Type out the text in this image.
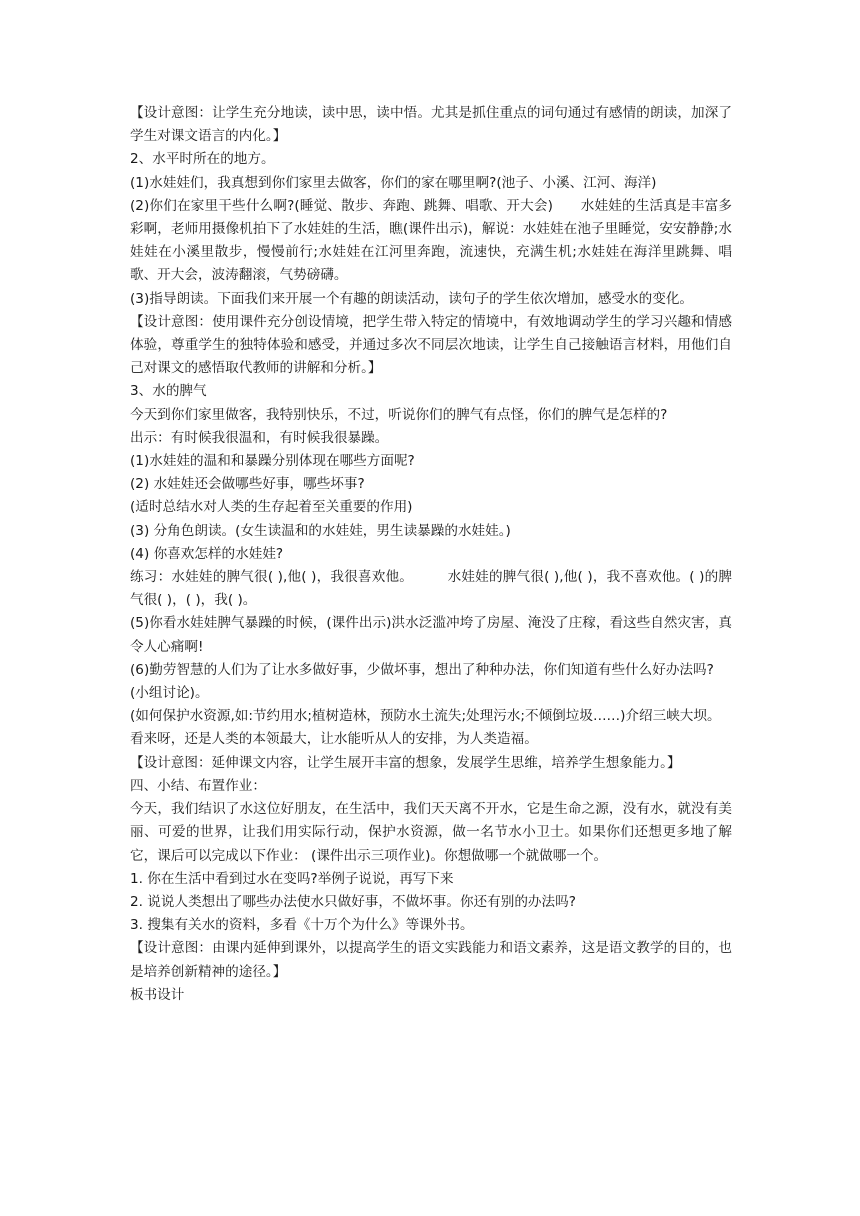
【设计意图：让学生充分地读，读中思，读中悟。尤其是抓住重点的词句通过有感情的朗读，加深了学生对课文语言的内化。】

2、水平时所在的地方。

(1)水娃娃们，我真想到你们家里去做客，你们的家在哪里啊?(池子、小溪、江河、海洋)

(2)你们在家里干些什么啊?(睡觉、散步、奔跑、跳舞、唱歌、开大会)　　水娃娃的生活真是丰富多彩啊，老师用摄像机拍下了水娃娃的生活，瞧(课件出示)，解说：水娃娃在池子里睡觉，安安静静;水娃娃在小溪里散步，慢慢前行;水娃娃在江河里奔跑，流速快，充满生机;水娃娃在海洋里跳舞、唱歌、开大会，波涛翻滚，气势磅礴。

(3)指导朗读。下面我们来开展一个有趣的朗读活动，读句子的学生依次增加，感受水的变化。

【设计意图：使用课件充分创设情境，把学生带入特定的情境中，有效地调动学生的学习兴趣和情感体验，尊重学生的独特体验和感受，并通过多次不同层次地读，让学生自己接触语言材料，用他们自己对课文的感悟取代教师的讲解和分析。】

3、水的脾气

今天到你们家里做客，我特别快乐，不过，听说你们的脾气有点怪，你们的脾气是怎样的?

出示：有时候我很温和，有时候我很暴躁。

(1)水娃娃的温和和暴躁分别体现在哪些方面呢?

(2) 水娃娃还会做哪些好事，哪些坏事?

(适时总结水对人类的生存起着至关重要的作用)

(3) 分角色朗读。(女生读温和的水娃娃，男生读暴躁的水娃娃。)

(4) 你喜欢怎样的水娃娃?

练习：水娃娃的脾气很( ),他( )，我很喜欢他。　　　水娃娃的脾气很( ),他( )，我不喜欢他。( )的脾气很( )，( )，我( )。

(5)你看水娃娃脾气暴躁的时候，(课件出示)洪水泛滥冲垮了房屋、淹没了庄稼，看这些自然灾害，真令人心痛啊!

(6)勤劳智慧的人们为了让水多做好事，少做坏事，想出了种种办法，你们知道有些什么好办法吗?

(小组讨论)。

(如何保护水资源,如:节约用水;植树造林，预防水土流失;处理污水;不倾倒垃圾……)介绍三峡大坝。

看来呀，还是人类的本领最大，让水能听从人的安排，为人类造福。

【设计意图：延伸课文内容，让学生展开丰富的想象，发展学生思维，培养学生想象能力。】

四、小结、布置作业：

今天，我们结识了水这位好朋友，在生活中，我们天天离不开水，它是生命之源，没有水，就没有美丽、可爱的世界，让我们用实际行动，保护水资源，做一名节水小卫士。如果你们还想更多地了解它，课后可以完成以下作业： (课件出示三项作业)。你想做哪一个就做哪一个。

1. 你在生活中看到过水在变吗?举例子说说，再写下来

2. 说说人类想出了哪些办法使水只做好事，不做坏事。你还有别的办法吗?

3. 搜集有关水的资料，多看《十万个为什么》等课外书。

【设计意图：由课内延伸到课外，以提高学生的语文实践能力和语文素养，这是语文教学的目的，也是培养创新精神的途径。】

板书设计
